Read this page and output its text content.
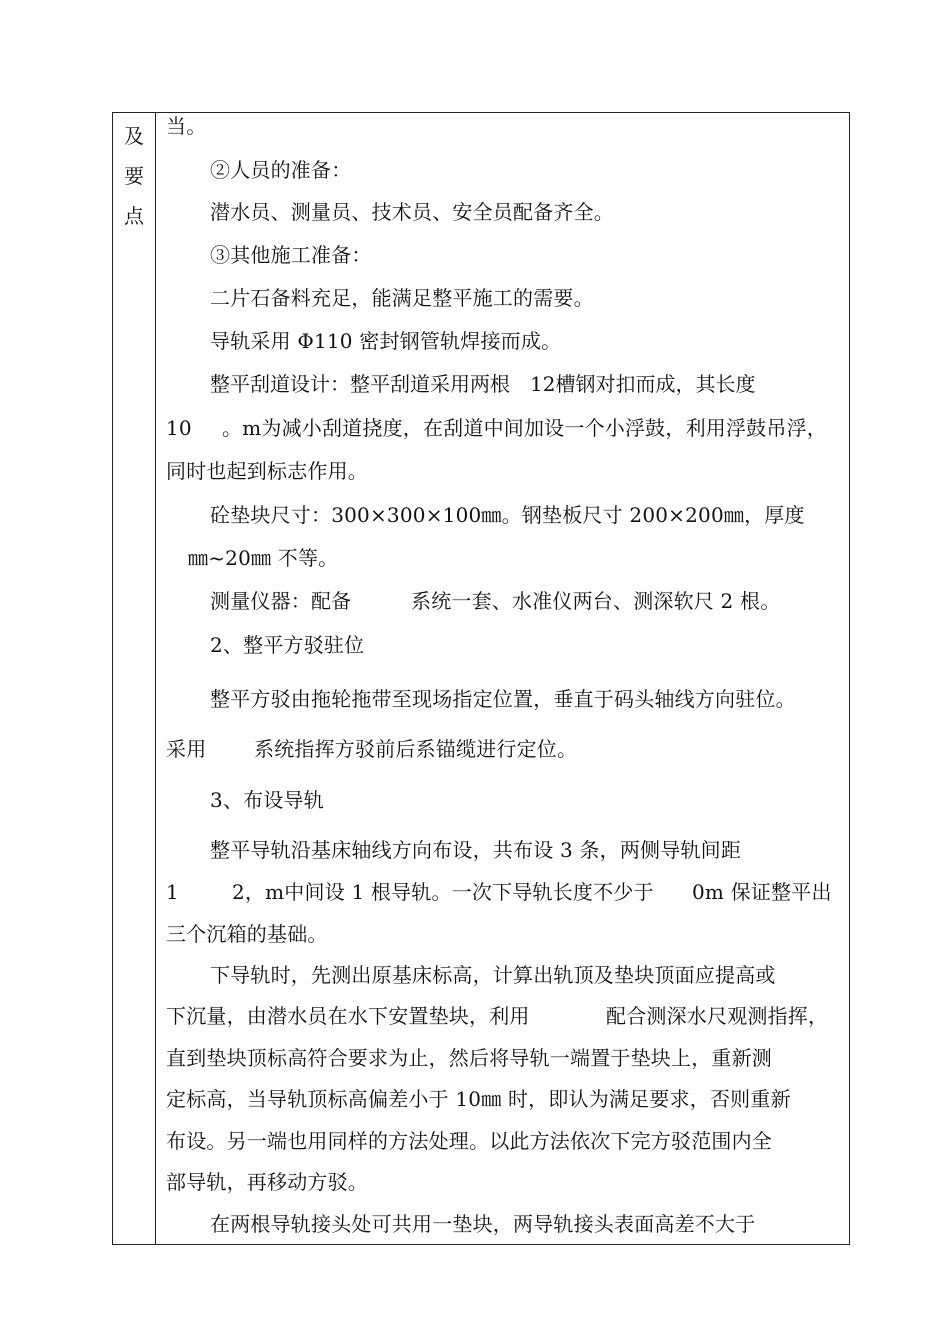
及
要
点
当。
②人员的准备：
潜水员、测量员、技术员、安全员配备齐全。
③其他施工准备：
二片石备料充足，能满足整平施工的需要。
导轨采用 Φ110 密封钢管轨焊接而成。
整平刮道设计：整平刮道采用两根　12槽钢对扣而成，其长度
10 。m为减小刮道挠度，在刮道中间加设一个小浮鼓，利用浮鼓吊浮，
同时也起到标志作用。
砼垫块尺寸：300×300×100㎜。钢垫板尺寸 200×200㎜，厚度
㎜~20㎜ 不等。
测量仪器：配备	系统一套、水准仪两台、测深软尺 2 根。
2、整平方驳驻位
整平方驳由拖轮拖带至现场指定位置，垂直于码头轴线方向驻位。
采用 系统指挥方驳前后系锚缆进行定位。
3、布设导轨
整平导轨沿基床轴线方向布设，共布设 3 条，两侧导轨间距
1	2，m中间设 1 根导轨。一次下导轨长度不少于 0m 保证整平出
三个沉箱的基础。
下导轨时，先测出原基床标高，计算出轨顶及垫块顶面应提高或
下沉量，由潜水员在水下安置垫块，利用	配合测深水尺观测指挥，
直到垫块顶标高符合要求为止，然后将导轨一端置于垫块上，重新测
定标高，当导轨顶标高偏差小于 10㎜ 时，即认为满足要求，否则重新
布设。另一端也用同样的方法处理。以此方法依次下完方驳范围内全
部导轨，再移动方驳。
在两根导轨接头处可共用一垫块，两导轨接头表面高差不大于
